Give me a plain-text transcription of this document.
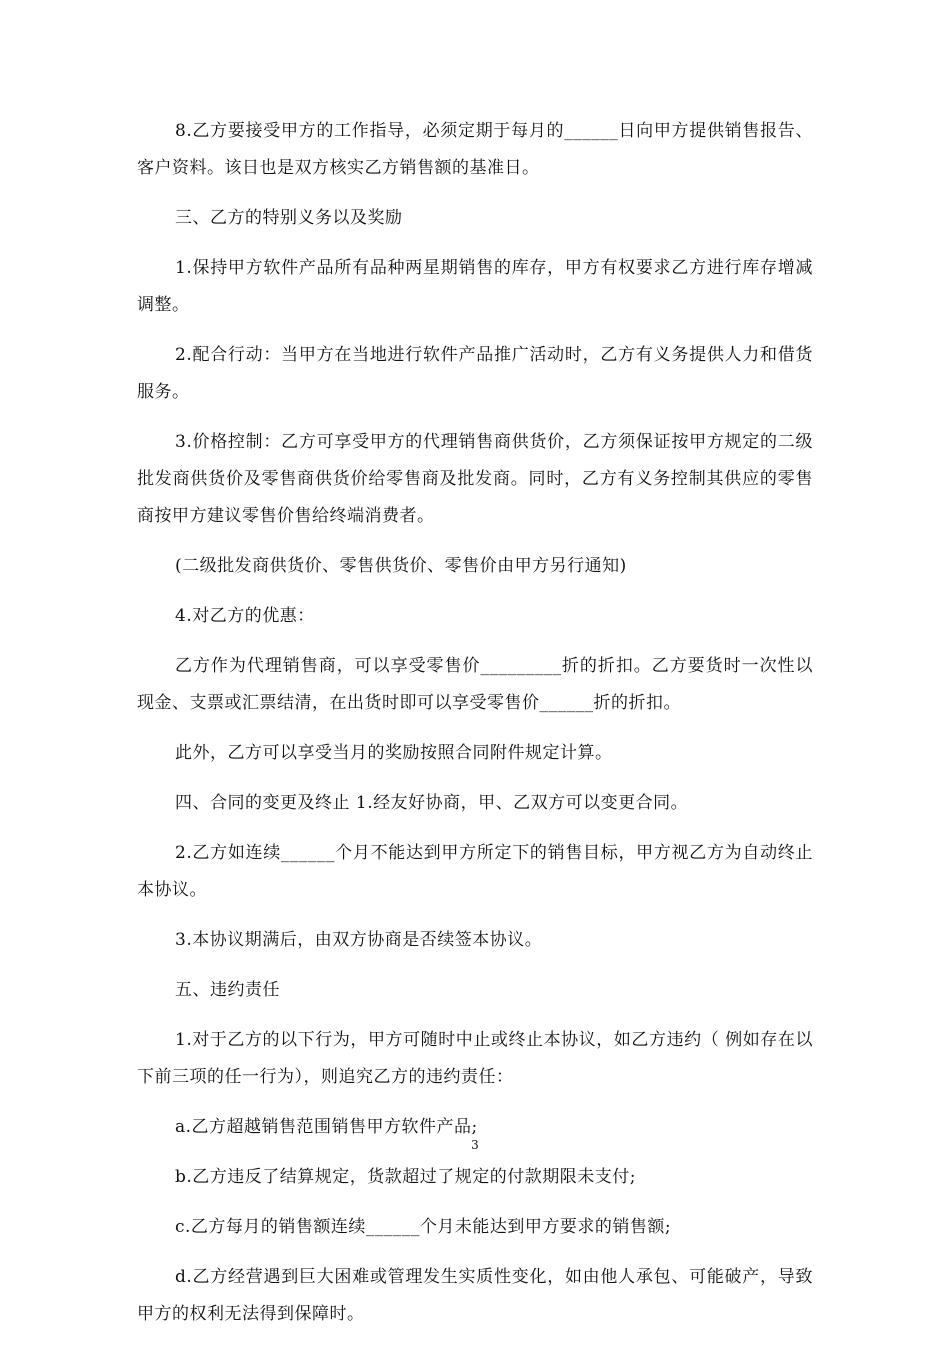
8.乙方要接受甲方的工作指导，必须定期于每月的______日向甲方提供销售报告、客户资料。该日也是双方核实乙方销售额的基准日。

三、乙方的特别义务以及奖励

1.保持甲方软件产品所有品种两星期销售的库存，甲方有权要求乙方进行库存增减调整。

2.配合行动：当甲方在当地进行软件产品推广活动时，乙方有义务提供人力和借货服务。

3.价格控制：乙方可享受甲方的代理销售商供货价，乙方须保证按甲方规定的二级批发商供货价及零售商供货价给零售商及批发商。同时，乙方有义务控制其供应的零售商按甲方建议零售价售给终端消费者。

(二级批发商供货价、零售供货价、零售价由甲方另行通知)

4.对乙方的优惠：

乙方作为代理销售商，可以享受零售价_________折的折扣。乙方要货时一次性以现金、支票或汇票结清，在出货时即可以享受零售价______折的折扣。

此外，乙方可以享受当月的奖励按照合同附件规定计算。

四、合同的变更及终止 1.经友好协商，甲、乙双方可以变更合同。

2.乙方如连续______个月不能达到甲方所定下的销售目标，甲方视乙方为自动终止本协议。

3.本协议期满后，由双方协商是否续签本协议。

五、违约责任

1.对于乙方的以下行为，甲方可随时中止或终止本协议，如乙方违约（ 例如存在以下前三项的任一行为），则追究乙方的违约责任：

a.乙方超越销售范围销售甲方软件产品;

b.乙方违反了结算规定，货款超过了规定的付款期限未支付;

c.乙方每月的销售额连续______个月未能达到甲方要求的销售额;

d.乙方经营遇到巨大困难或管理发生实质性变化，如由他人承包、可能破产，导致甲方的权利无法得到保障时。

3
